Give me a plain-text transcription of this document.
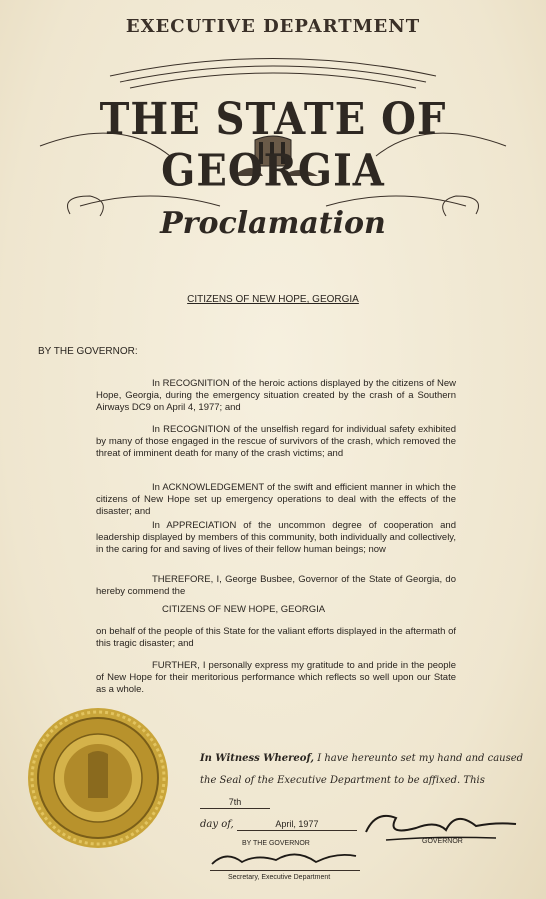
EXECUTIVE DEPARTMENT
THE STATE OF GEORGIA
Proclamation
CITIZENS OF NEW HOPE, GEORGIA
BY THE GOVERNOR:
In RECOGNITION of the heroic actions displayed by the citizens of New Hope, Georgia, during the emergency situation created by the crash of a Southern Airways DC9 on April 4, 1977; and
In RECOGNITION of the unselfish regard for individual safety exhibited by many of those engaged in the rescue of survivors of the crash, which removed the threat of imminent death for many of the crash victims; and
In ACKNOWLEDGEMENT of the swift and efficient manner in which the citizens of New Hope set up emergency operations to deal with the effects of the disaster; and
In APPRECIATION of the uncommon degree of cooperation and leadership displayed by members of this community, both individually and collectively, in the caring for and saving of lives of their fellow human beings; now
THEREFORE, I, George Busbee, Governor of the State of Georgia, do hereby commend the
CITIZENS OF NEW HOPE, GEORGIA
on behalf of the people of this State for the valiant efforts displayed in the aftermath of this tragic disaster; and
FURTHER, I personally express my gratitude to and pride in the people of New Hope for their meritorious performance which reflects so well upon our State as a whole.
In Witness Whereof, I have hereunto set my hand and caused the Seal of the Executive Department to be affixed. This 7th
day of,	April, 1977
GOVERNOR
BY THE GOVERNOR
Secretary, Executive Department
